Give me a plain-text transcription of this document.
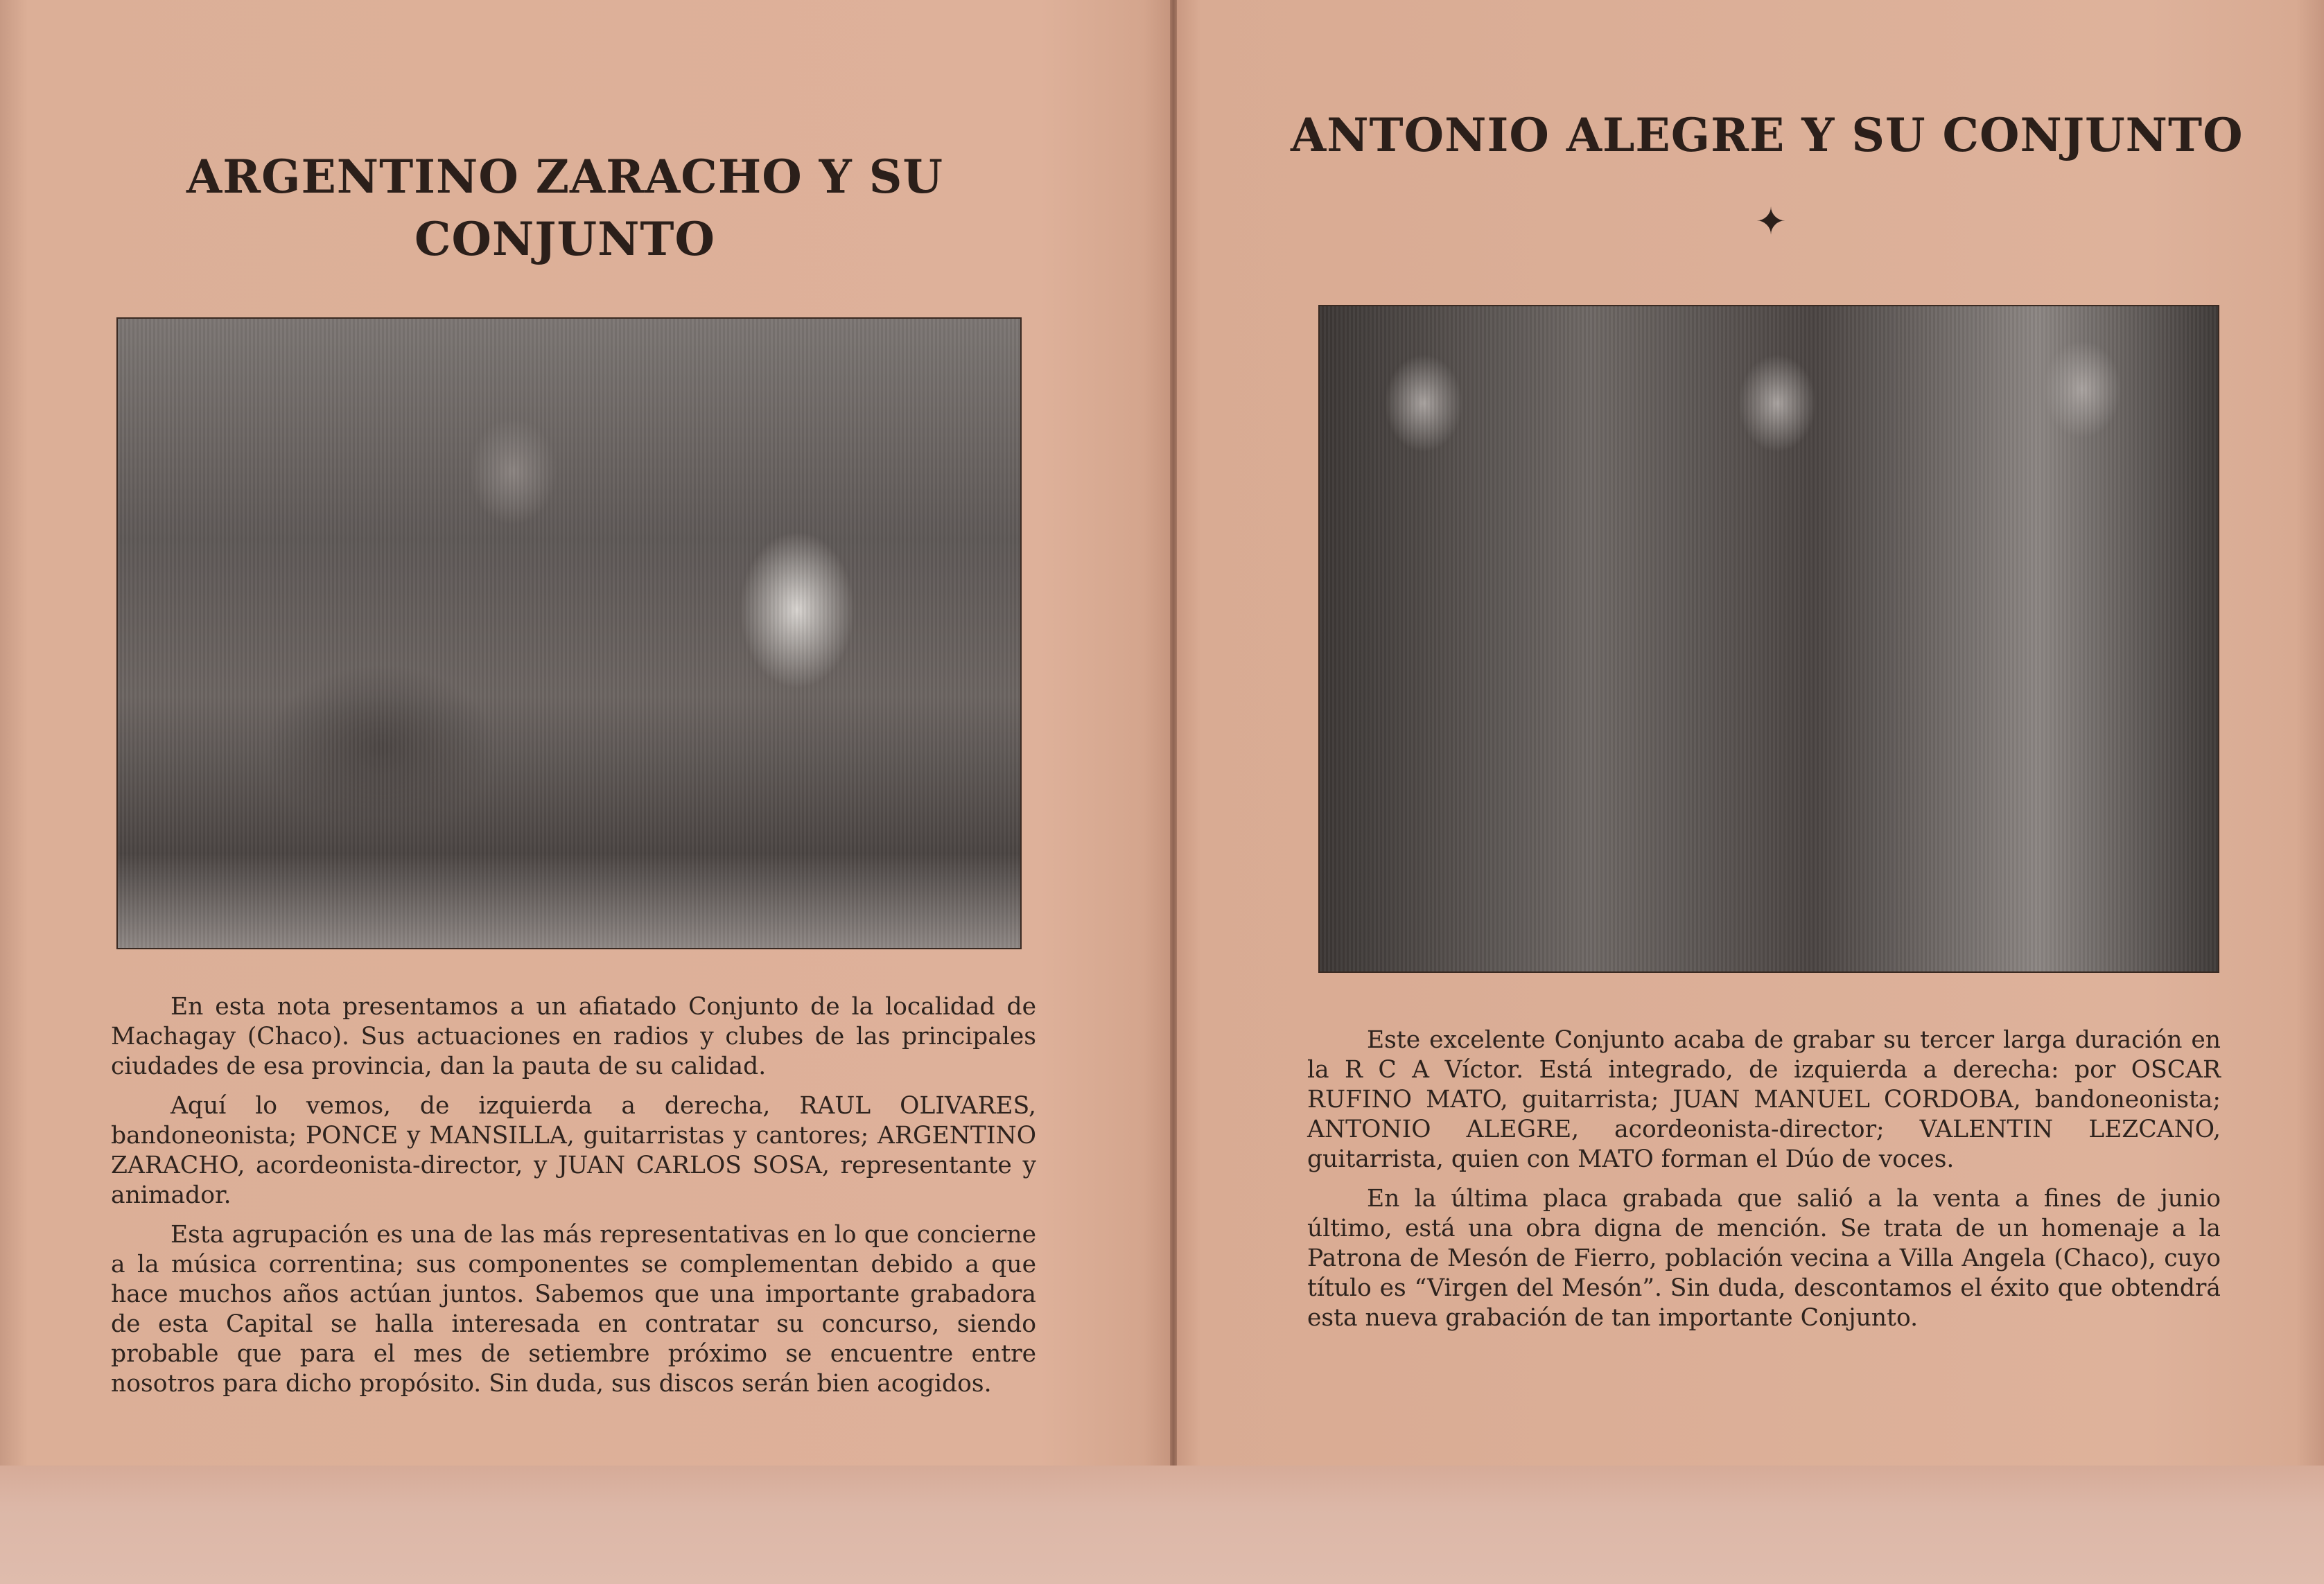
ARGENTINO ZARACHO Y SU CONJUNTO

En esta nota presentamos a un afiatado Conjunto de la localidad de Machagay (Chaco). Sus actuaciones en radios y clubes de las principales ciudades de esa provincia, dan la pauta de su calidad.

Aquí lo vemos, de izquierda a derecha, RAUL OLIVARES, bandoneonista; PONCE y MANSILLA, guitarristas y cantores; ARGENTINO ZARACHO, acordeonista-director, y JUAN CARLOS SOSA, representante y animador.

Esta agrupación es una de las más representativas en lo que concierne a la música correntina; sus componentes se complementan debido a que hace muchos años actúan juntos. Sabemos que una importante grabadora de esta Capital se halla interesada en contratar su concurso, siendo probable que para el mes de setiembre próximo se encuentre entre nosotros para dicho propósito. Sin duda, sus discos serán bien acogidos.

ANTONIO ALEGRE Y SU CONJUNTO
✦

Este excelente Conjunto acaba de grabar su tercer larga duración en la R C A Víctor. Está integrado, de izquierda a derecha: por OSCAR RUFINO MATO, guitarrista; JUAN MANUEL CORDOBA, bandoneonista; ANTONIO ALEGRE, acordeonista-director; VALENTIN LEZCANO, guitarrista, quien con MATO forman el Dúo de voces.

En la última placa grabada que salió a la venta a fines de junio último, está una obra digna de mención. Se trata de un homenaje a la Patrona de Mesón de Fierro, población vecina a Villa Angela (Chaco), cuyo título es “Virgen del Mesón”. Sin duda, descontamos el éxito que obtendrá esta nueva grabación de tan importante Conjunto.
